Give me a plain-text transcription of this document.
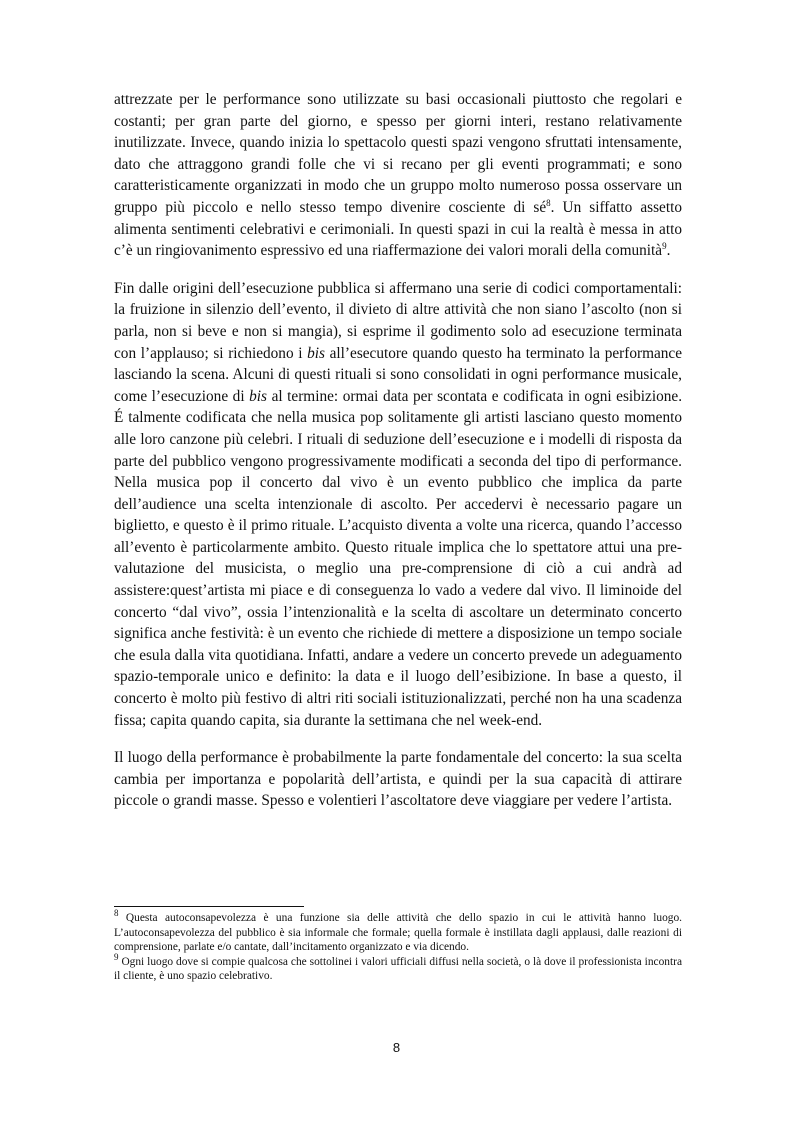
attrezzate per le performance sono utilizzate su basi occasionali piuttosto che regolari e costanti; per gran parte del giorno, e spesso per giorni interi, restano relativamente inutilizzate. Invece, quando inizia lo spettacolo questi spazi vengono sfruttati intensamente, dato che attraggono grandi folle che vi si recano per gli eventi programmati; e sono caratteristicamente organizzati in modo che un gruppo molto numeroso possa osservare un gruppo più piccolo e nello stesso tempo divenire cosciente di $sé^8$. Un siffatto assetto alimenta sentimenti celebrativi e cerimoniali. In questi spazi in cui la realtà è messa in atto c’è un ringiovanimento espressivo ed una riaffermazione dei valori morali della comunità$^9$.

Fin dalle origini dell’esecuzione pubblica si affermano una serie di codici comportamentali: la fruizione in silenzio dell’evento, il divieto di altre attività che non siano l’ascolto (non si parla, non si beve e non si mangia), si esprime il godimento solo ad esecuzione terminata con l’applauso; si richiedono i bis all’esecutore quando questo ha terminato la performance lasciando la scena. Alcuni di questi rituali si sono consolidati in ogni performance musicale, come l’esecuzione di bis al termine: ormai data per scontata e codificata in ogni esibizione. É talmente codificata che nella musica pop solitamente gli artisti lasciano questo momento alle loro canzone più celebri. I rituali di seduzione dell’esecuzione e i modelli di risposta da parte del pubblico vengono progressivamente modificati a seconda del tipo di performance. Nella musica pop il concerto dal vivo è un evento pubblico che implica da parte dell’audience una scelta intenzionale di ascolto. Per accedervi è necessario pagare un biglietto, e questo è il primo rituale. L’acquisto diventa a volte una ricerca, quando l’accesso all’evento è particolarmente ambito. Questo rituale implica che lo spettatore attui una pre-valutazione del musicista, o meglio una pre-comprensione di ciò a cui andrà ad assistere:quest’artista mi piace e di conseguenza lo vado a vedere dal vivo. Il liminoide del concerto “dal vivo”, ossia l’intenzionalità e la scelta di ascoltare un determinato concerto significa anche festività: è un evento che richiede di mettere a disposizione un tempo sociale che esula dalla vita quotidiana. Infatti, andare a vedere un concerto prevede un adeguamento spazio-temporale unico e definito: la data e il luogo dell’esibizione. In base a questo, il concerto è molto più festivo di altri riti sociali istituzionalizzati, perché non ha una scadenza fissa; capita quando capita, sia durante la settimana che nel week-end.

Il luogo della performance è probabilmente la parte fondamentale del concerto: la sua scelta cambia per importanza e popolarità dell’artista, e quindi per la sua capacità di attirare piccole o grandi masse. Spesso e volentieri l’ascoltatore deve viaggiare per vedere l’artista.

$^8$ Questa autoconsapevolezza è una funzione sia delle attività che dello spazio in cui le attività hanno luogo. L’autoconsapevolezza del pubblico è sia informale che formale; quella formale è instillata dagli applausi, dalle reazioni di comprensione, parlate e/o cantate, dall’incitamento organizzato e via dicendo.

$^9$ Ogni luogo dove si compie qualcosa che sottolinei i valori ufficiali diffusi nella società, o là dove il professionista incontra il cliente, è uno spazio celebrativo.

8
